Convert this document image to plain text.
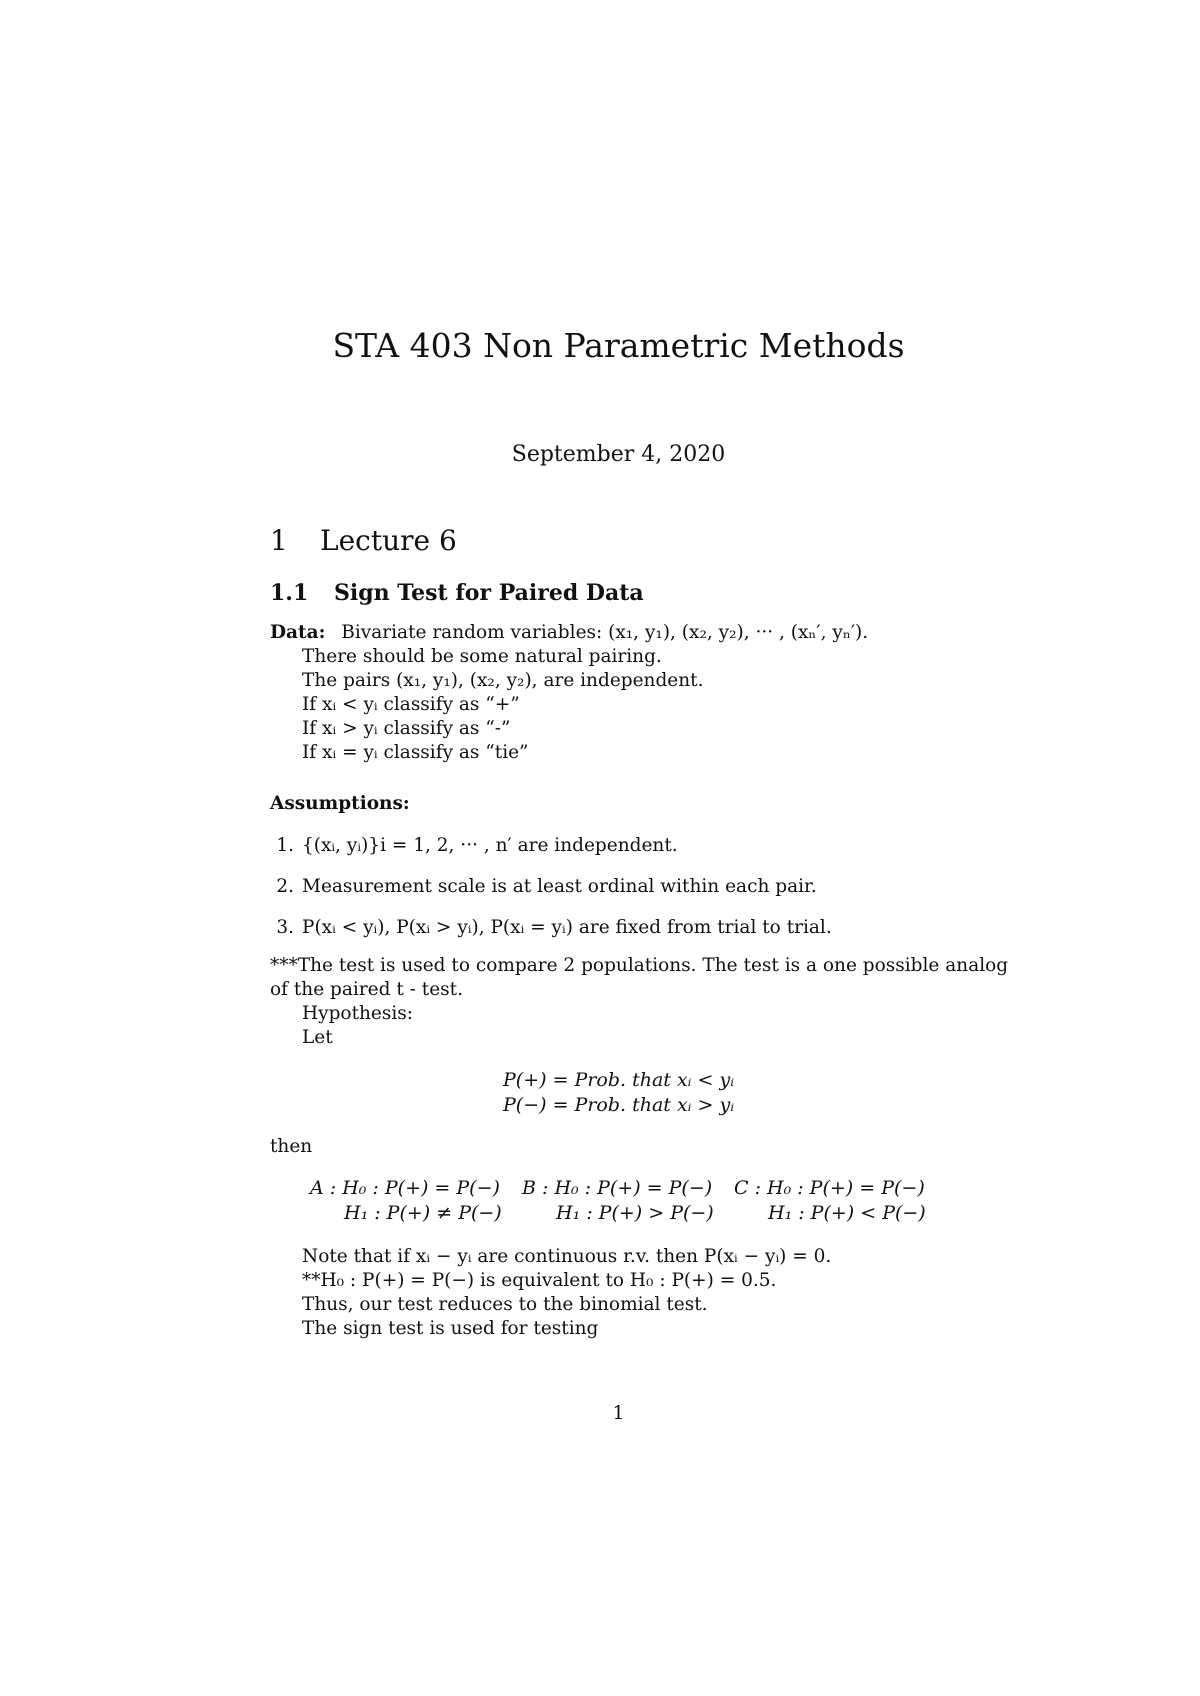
STA 403 Non Parametric Methods
September 4, 2020
1 Lecture 6
1.1 Sign Test for Paired Data
Data: Bivariate random variables: (x₁, y₁), (x₂, y₂), ··· , (xₙ′, yₙ′).
There should be some natural pairing.
The pairs (x₁, y₁), (x₂, y₂), are independent.
If xᵢ < yᵢ classify as “+”
If xᵢ > yᵢ classify as “-”
If xᵢ = yᵢ classify as “tie”
Assumptions:
1. {(xᵢ, yᵢ)}i = 1, 2, ··· , n′ are independent.
2. Measurement scale is at least ordinal within each pair.
3. P(xᵢ < yᵢ), P(xᵢ > yᵢ), P(xᵢ = yᵢ) are fixed from trial to trial.
***The test is used to compare 2 populations. The test is a one possible analog
of the paired t - test.
Hypothesis:
Let
P(+) = Prob. that xᵢ < yᵢ
P(−) = Prob. that xᵢ > yᵢ
then
A : H₀ : P(+) = P(−)
H₁ : P(+) ≠ P(−)
B : H₀ : P(+) = P(−)
H₁ : P(+) > P(−)
C : H₀ : P(+) = P(−)
H₁ : P(+) < P(−)
Note that if xᵢ − yᵢ are continuous r.v. then P(xᵢ − yᵢ) = 0.
**H₀ : P(+) = P(−) is equivalent to H₀ : P(+) = 0.5.
Thus, our test reduces to the binomial test.
The sign test is used for testing
1
